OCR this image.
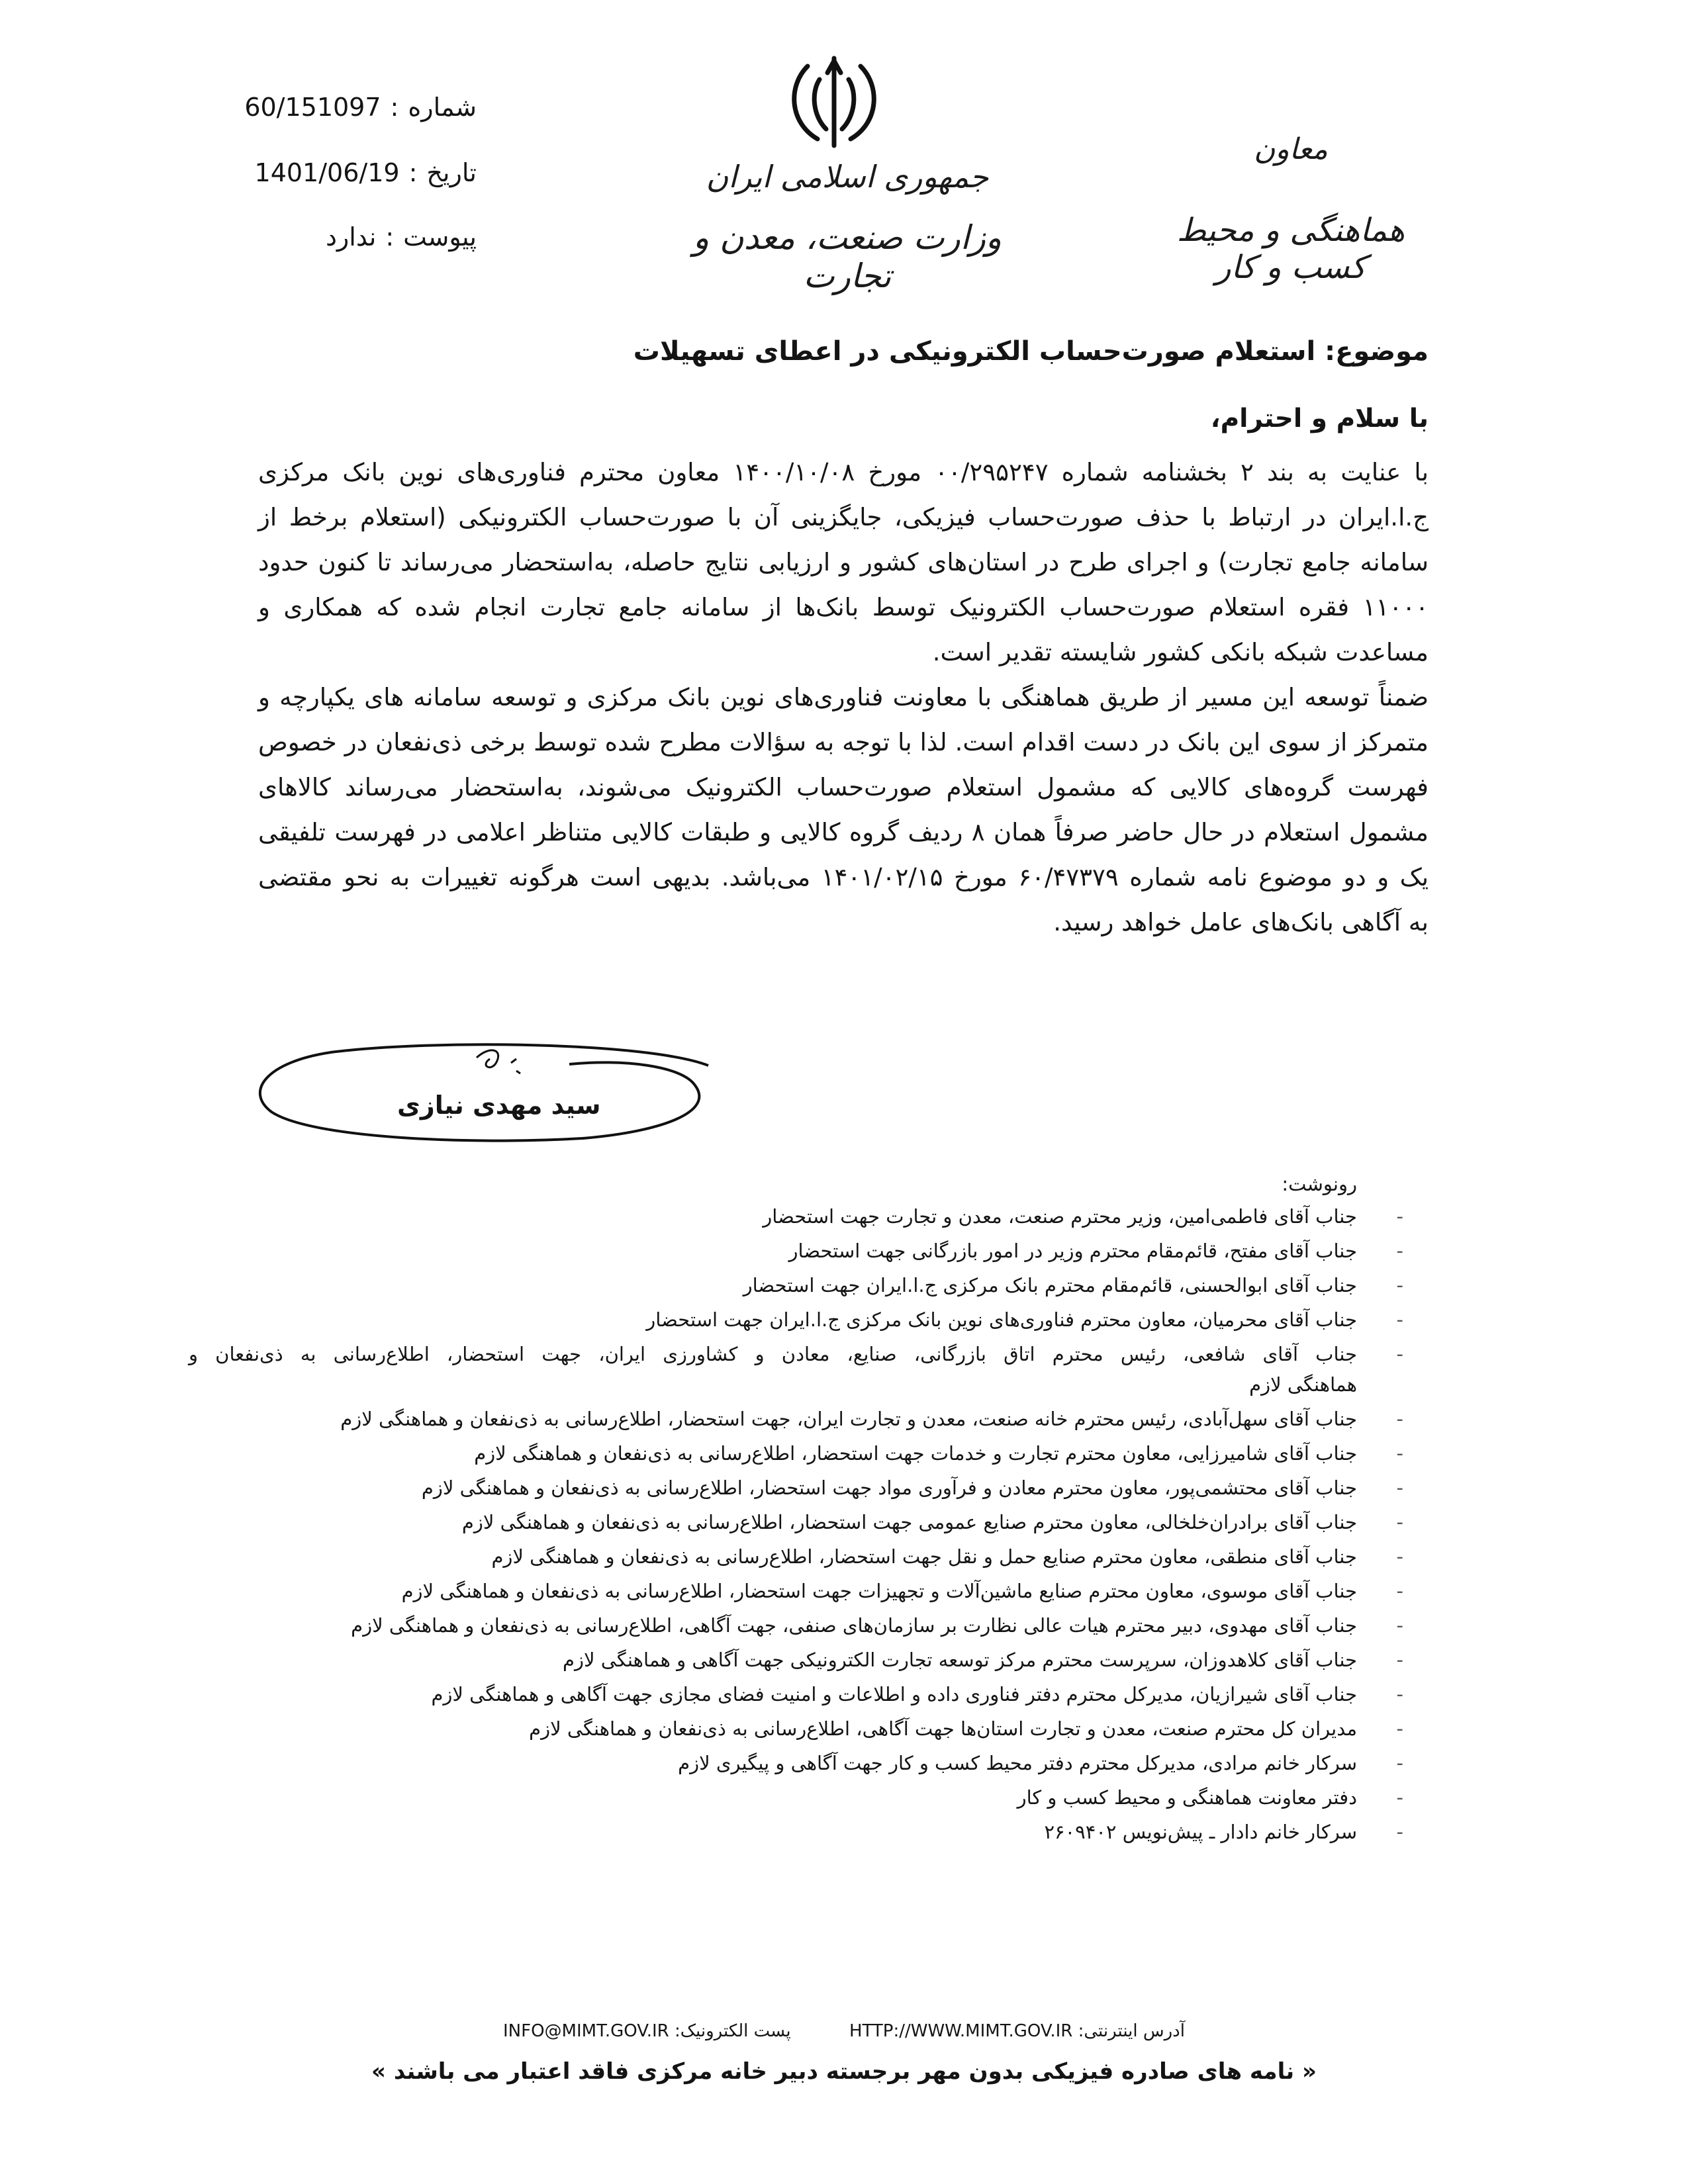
شماره
:
60/151097
تاریخ
:
1401/06/19
پیوست
:
ندارد
جمهوری اسلامی ایران
وزارت صنعت، معدن و تجارت
معاون
هماهنگی و محیط کسب و کار
موضوع: استعلام صورت‌حساب الکترونیکی در اعطای تسهیلات
با سلام و احترام،
با عنایت به بند ۲ بخشنامه شماره ۰۰/۲۹۵۲۴۷ مورخ ۱۴۰۰/۱۰/۰۸ معاون محترم فناوری‌های نوین بانک مرکزی
ج.ا.ایران در ارتباط با حذف صورت‌حساب فیزیکی، جایگزینی آن با صورت‌حساب الکترونیکی (استعلام برخط از
سامانه جامع تجارت) و اجرای طرح در استان‌های کشور و ارزیابی نتایج حاصله، به‌استحضار می‌رساند تا کنون حدود
۱۱۰۰۰ فقره استعلام صورت‌حساب الکترونیک توسط بانک‌ها از سامانه جامع تجارت انجام شده که همکاری و
مساعدت شبکه بانکی کشور شایسته تقدیر است.
ضمناً توسعه این مسیر از طریق هماهنگی با معاونت فناوری‌های نوین بانک مرکزی و توسعه سامانه های یکپارچه و
متمرکز از سوی این بانک در دست اقدام است. لذا با توجه به سؤالات مطرح شده توسط برخی ذی‌نفعان در خصوص
فهرست گروه‌های کالایی که مشمول استعلام صورت‌حساب الکترونیک می‌شوند، به‌استحضار می‌رساند کالاهای
مشمول استعلام در حال حاضر صرفاً همان ۸ ردیف گروه کالایی و طبقات کالایی متناظر اعلامی در فهرست تلفیقی
یک و دو موضوع نامه شماره ۶۰/۴۷۳۷۹ مورخ ۱۴۰۱/۰۲/۱۵ می‌باشد. بدیهی است هرگونه تغییرات به نحو مقتضی
به آگاهی بانک‌های عامل خواهد رسید.
سید مهدی نیازی
رونوشت:
-
جناب آقای فاطمی‌امین، وزیر محترم صنعت، معدن و تجارت جهت استحضار
-
جناب آقای مفتح، قائم‌مقام محترم وزیر در امور بازرگانی جهت استحضار
-
جناب آقای ابوالحسنی، قائم‌مقام محترم بانک مرکزی ج.ا.ایران جهت استحضار
-
جناب آقای محرمیان، معاون محترم فناوری‌های نوین بانک مرکزی ج.ا.ایران جهت استحضار
-
جناب آقای شافعی، رئیس محترم اتاق بازرگانی، صنایع، معادن و کشاورزی ایران، جهت استحضار، اطلاع‌رسانی به ذی‌نفعان و
هماهنگی لازم
-
جناب آقای سهل‌آبادی، رئیس محترم خانه صنعت، معدن و تجارت ایران، جهت استحضار، اطلاع‌رسانی به ذی‌نفعان و هماهنگی لازم
-
جناب آقای شامیرزایی، معاون محترم تجارت و خدمات جهت استحضار، اطلاع‌رسانی به ذی‌نفعان و هماهنگی لازم
-
جناب آقای محتشمی‌پور، معاون محترم معادن و فرآوری مواد جهت استحضار، اطلاع‌رسانی به ذی‌نفعان و هماهنگی لازم
-
جناب آقای برادران‌خلخالی، معاون محترم صنایع عمومی جهت استحضار، اطلاع‌رسانی به ذی‌نفعان و هماهنگی لازم
-
جناب آقای منطقی، معاون محترم صنایع حمل و نقل جهت استحضار، اطلاع‌رسانی به ذی‌نفعان و هماهنگی لازم
-
جناب آقای موسوی، معاون محترم صنایع ماشین‌آلات و تجهیزات جهت استحضار، اطلاع‌رسانی به ذی‌نفعان و هماهنگی لازم
-
جناب آقای مهدوی، دبیر محترم هیات عالی نظارت بر سازمان‌های صنفی، جهت آگاهی، اطلاع‌رسانی به ذی‌نفعان و هماهنگی لازم
-
جناب آقای کلاهدوزان، سرپرست محترم مرکز توسعه تجارت الکترونیکی جهت آگاهی و هماهنگی لازم
-
جناب آقای شیرازیان، مدیرکل محترم دفتر فناوری داده و اطلاعات و امنیت فضای مجازی جهت آگاهی و هماهنگی لازم
-
مدیران کل محترم صنعت، معدن و تجارت استان‌ها جهت آگاهی، اطلاع‌رسانی به ذی‌نفعان و هماهنگی لازم
-
سرکار خانم مرادی، مدیرکل محترم دفتر محیط کسب و کار جهت آگاهی و پیگیری لازم
-
دفتر معاونت هماهنگی و محیط کسب و کار
-
سرکار خانم دادار ـ پیش‌نویس ۲۶۰۹۴۰۲
INFO@MIMT.GOV.IR :پست الکترونیک	HTTP://WWW.MIMT.GOV.IR :آدرس اینترنتی
« نامه های صادره فیزیکی بدون مهر برجسته دبیر خانه مرکزی فاقد اعتبار می باشند »
